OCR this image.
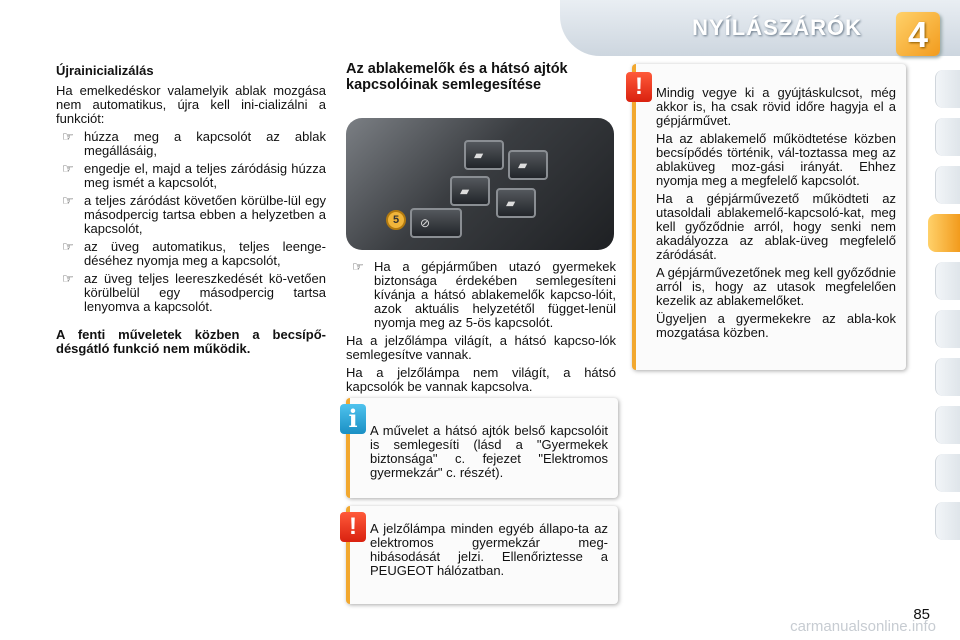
NYÍLÁSZÁRÓK	4
Újrainicializálás

Ha emelkedéskor valamelyik ablak mozgása nem automatikus, újra kell ini-cializálni a funkciót:

☞ húzza meg a kapcsolót az ablak megállásáig,
☞ engedje el, majd a teljes záródásig húzza meg ismét a kapcsolót,
☞ a teljes záródást követően körülbe-lül egy másodpercig tartsa ebben a helyzetben a kapcsolót,
☞ az üveg automatikus, teljes leenge-déséhez nyomja meg a kapcsolót,
☞ az üveg teljes leereszkedését kö-vetően körülbelül egy másodpercig tartsa lenyomva a kapcsolót.

A fenti műveletek közben a becsípő-désgátló funkció nem működik.

Az ablakemelők és a hátsó ajtók kapcsolóinak semlegesítése
▰
▰
▰
▰
⊘
5
☞ Ha a gépjárműben utazó gyermekek biztonsága érdekében semlegesíteni kívánja a hátsó ablakemelők kapcso-lóit, azok aktuális helyzetétől függet-lenül nyomja meg az 5-ös kapcsolót.

Ha a jelzőlámpa világít, a hátsó kapcso-lók semlegesítve vannak.

Ha a jelzőlámpa nem világít, a hátsó kapcsolók be vannak kapcsolva.

A művelet a hátsó ajtók belső kapcsolóit is semlegesíti (lásd a "Gyermekek biztonsága" c. fejezet "Elektromos gyermekzár" c. részét).
i
A jelzőlámpa minden egyéb állapo-ta az elektromos gyermekzár meg-hibásodását jelzi. Ellenőriztesse a PEUGEOT hálózatban.
!

Mindig vegye ki a gyújtáskulcsot, még akkor is, ha csak rövid időre hagyja el a gépjárművet.

Ha az ablakemelő működtetése közben becsípődés történik, vál-toztassa meg az ablaküveg moz-gási irányát. Ehhez nyomja meg a megfelelő kapcsolót.

Ha a gépjárművezető működteti az utasoldali ablakemelő-kapcsoló-kat, meg kell győződnie arról, hogy senki nem akadályozza az ablak-üveg megfelelő záródását.

A gépjárművezetőnek meg kell győződnie arról is, hogy az utasok megfelelően kezelik az ablakemelőket.

Ügyeljen a gyermekekre az abla-kok mozgatása közben.

!
85
carmanualsonline.info
